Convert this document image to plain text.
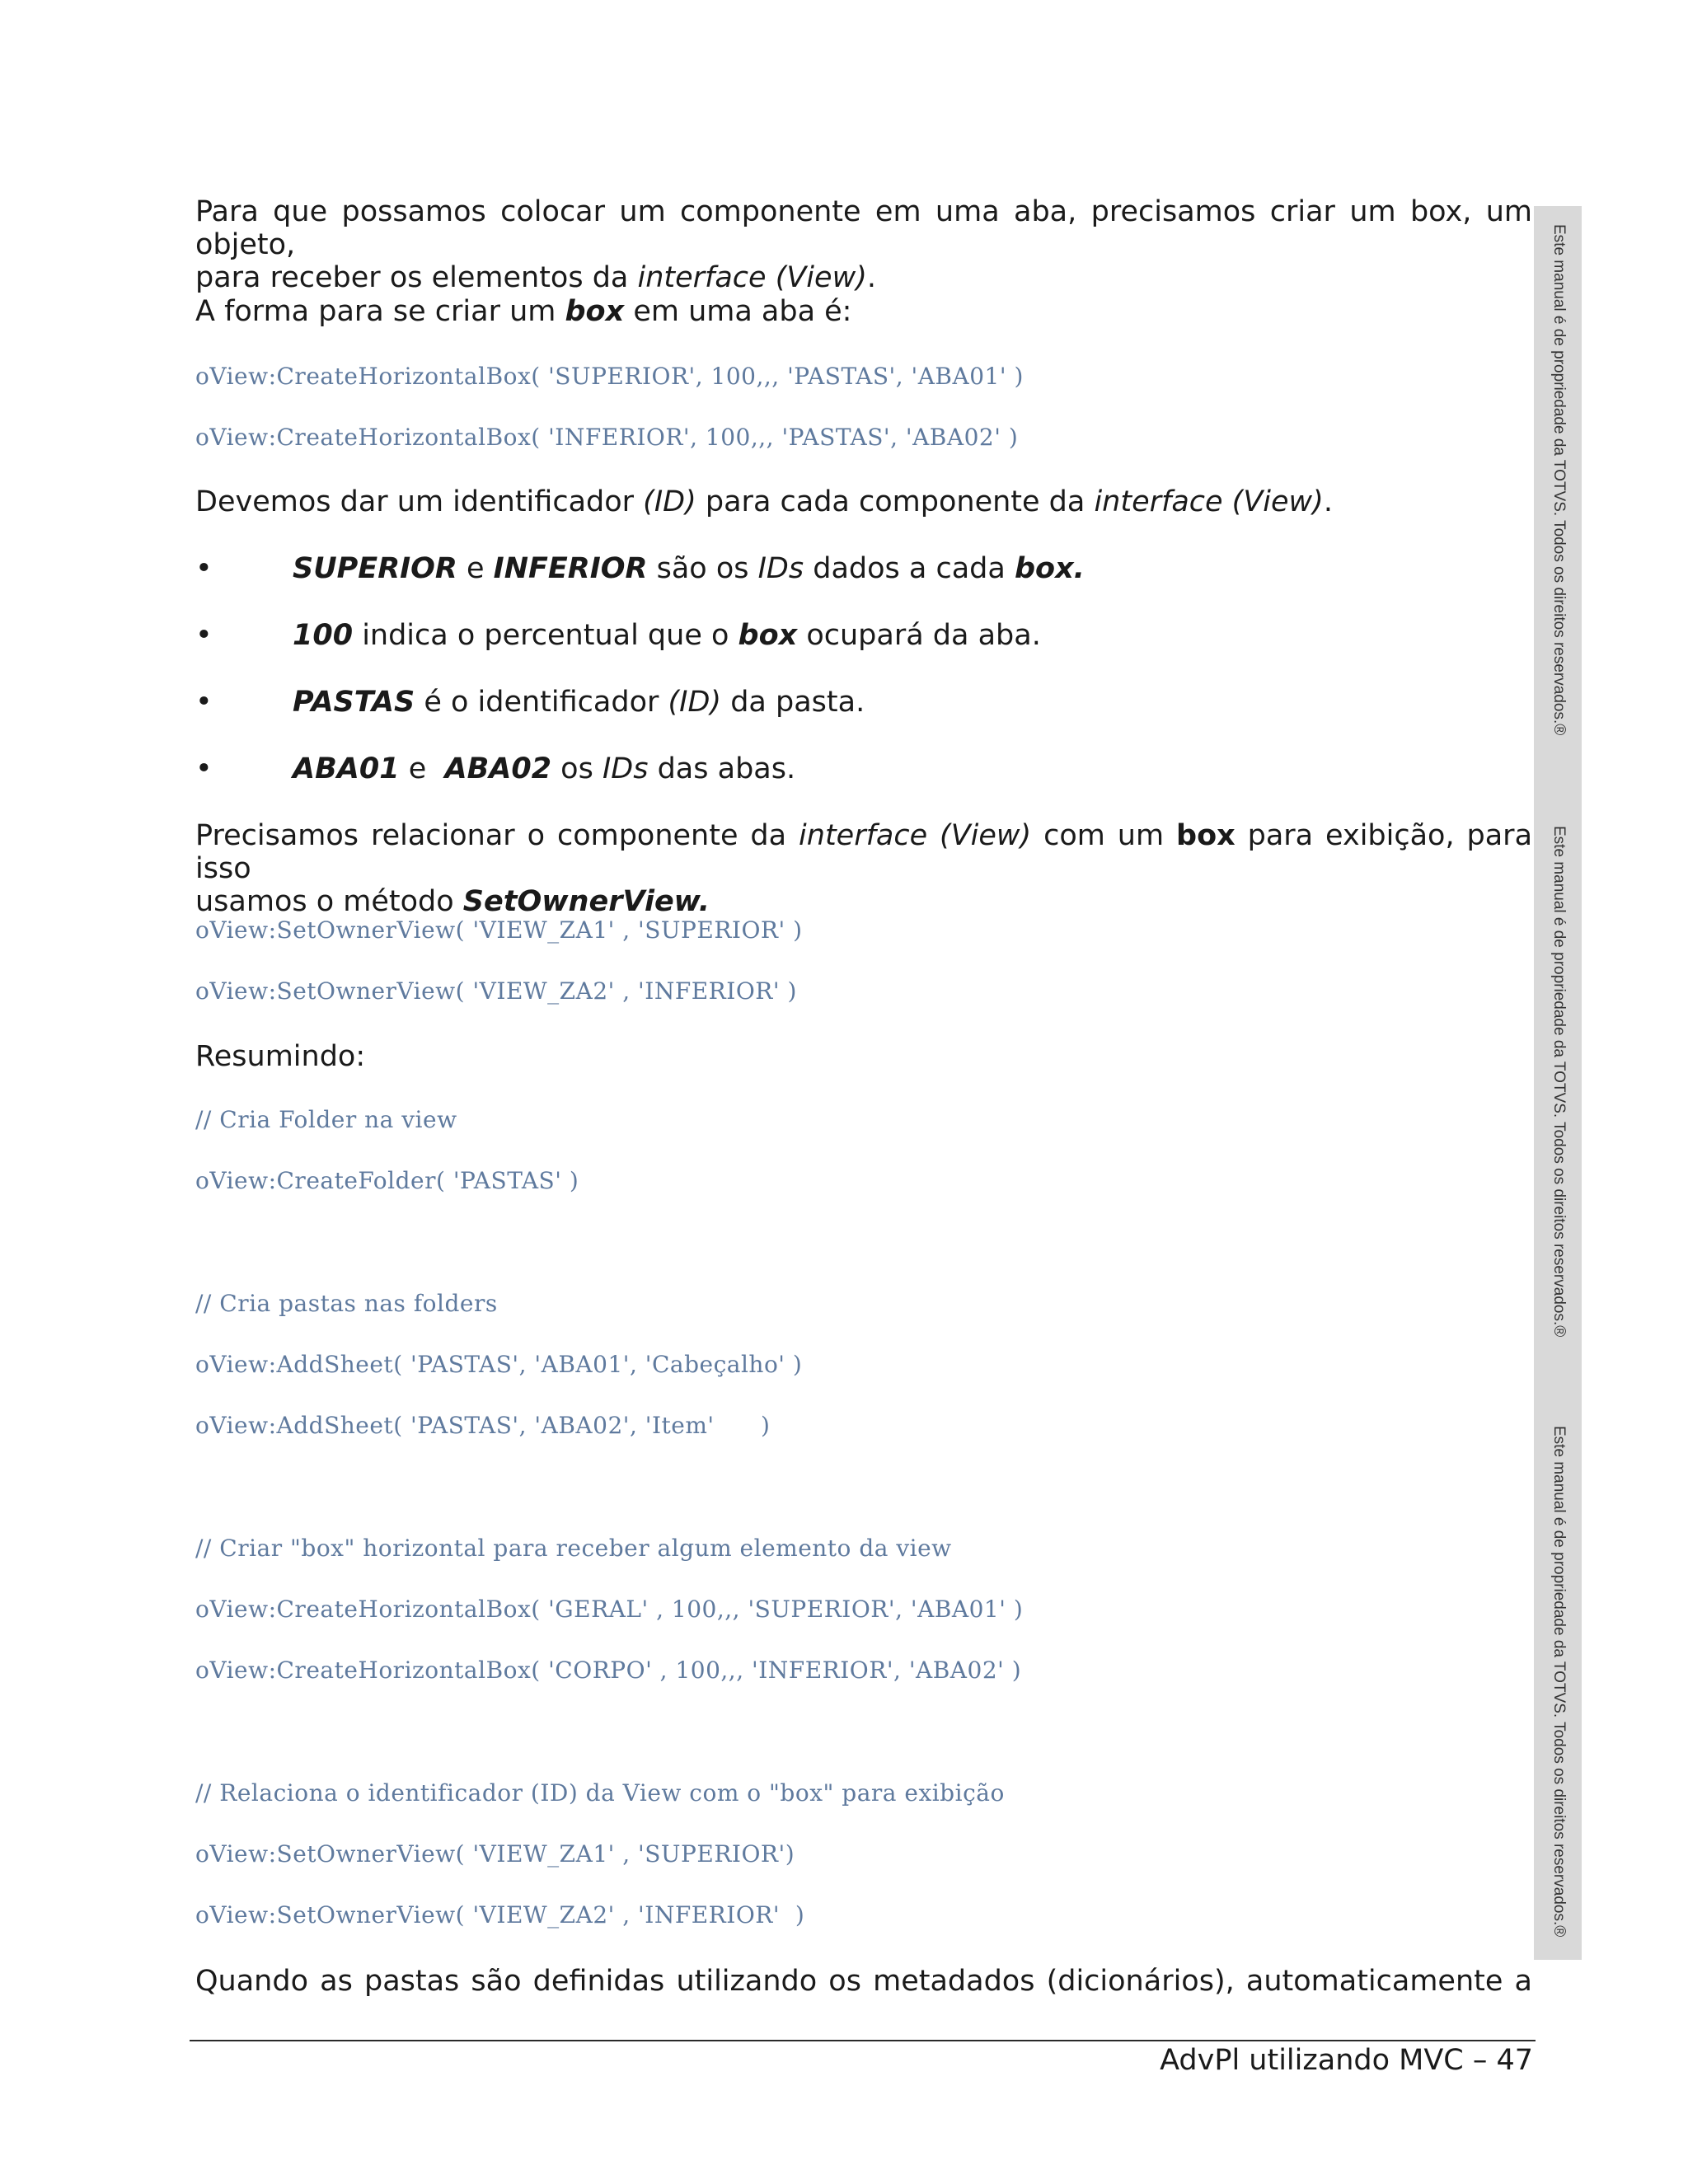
Para que possamos colocar um componente em uma aba, precisamos criar um box, um objeto,
para receber os elementos da interface (View).
A forma para se criar um box em uma aba é:
oView:CreateHorizontalBox( 'SUPERIOR', 100,,, 'PASTAS', 'ABA01' )
oView:CreateHorizontalBox( 'INFERIOR', 100,,, 'PASTAS', 'ABA02' )
Devemos dar um identificador (ID) para cada componente da interface (View).
•	SUPERIOR e INFERIOR são os IDs dados a cada box.
•	100 indica o percentual que o box ocupará da aba.
•	PASTAS é o identificador (ID) da pasta.
•	ABA01 e  ABA02 os IDs das abas.
Precisamos relacionar o componente da interface (View) com um box para exibição, para isso
usamos o método SetOwnerView.
oView:SetOwnerView( 'VIEW_ZA1' , 'SUPERIOR' )
oView:SetOwnerView( 'VIEW_ZA2' , 'INFERIOR' )
Resumindo:
// Cria Folder na view
oView:CreateFolder( 'PASTAS' )
// Cria pastas nas folders
oView:AddSheet( 'PASTAS', 'ABA01', 'Cabeçalho' )
oView:AddSheet( 'PASTAS', 'ABA02', 'Item'      )
// Criar "box" horizontal para receber algum elemento da view
oView:CreateHorizontalBox( 'GERAL' , 100,,, 'SUPERIOR', 'ABA01' )
oView:CreateHorizontalBox( 'CORPO' , 100,,, 'INFERIOR', 'ABA02' )
// Relaciona o identificador (ID) da View com o "box" para exibição
oView:SetOwnerView( 'VIEW_ZA1' , 'SUPERIOR')
oView:SetOwnerView( 'VIEW_ZA2' , 'INFERIOR'  )
Quando as pastas são definidas utilizando os metadados (dicionários), automaticamente a
Este manual é de propriedade da TOTVS. Todos os direitos reservados.®
Este manual é de propriedade da TOTVS. Todos os direitos reservados.®
Este manual é de propriedade da TOTVS. Todos os direitos reservados.®
AdvPl utilizando MVC – 47
